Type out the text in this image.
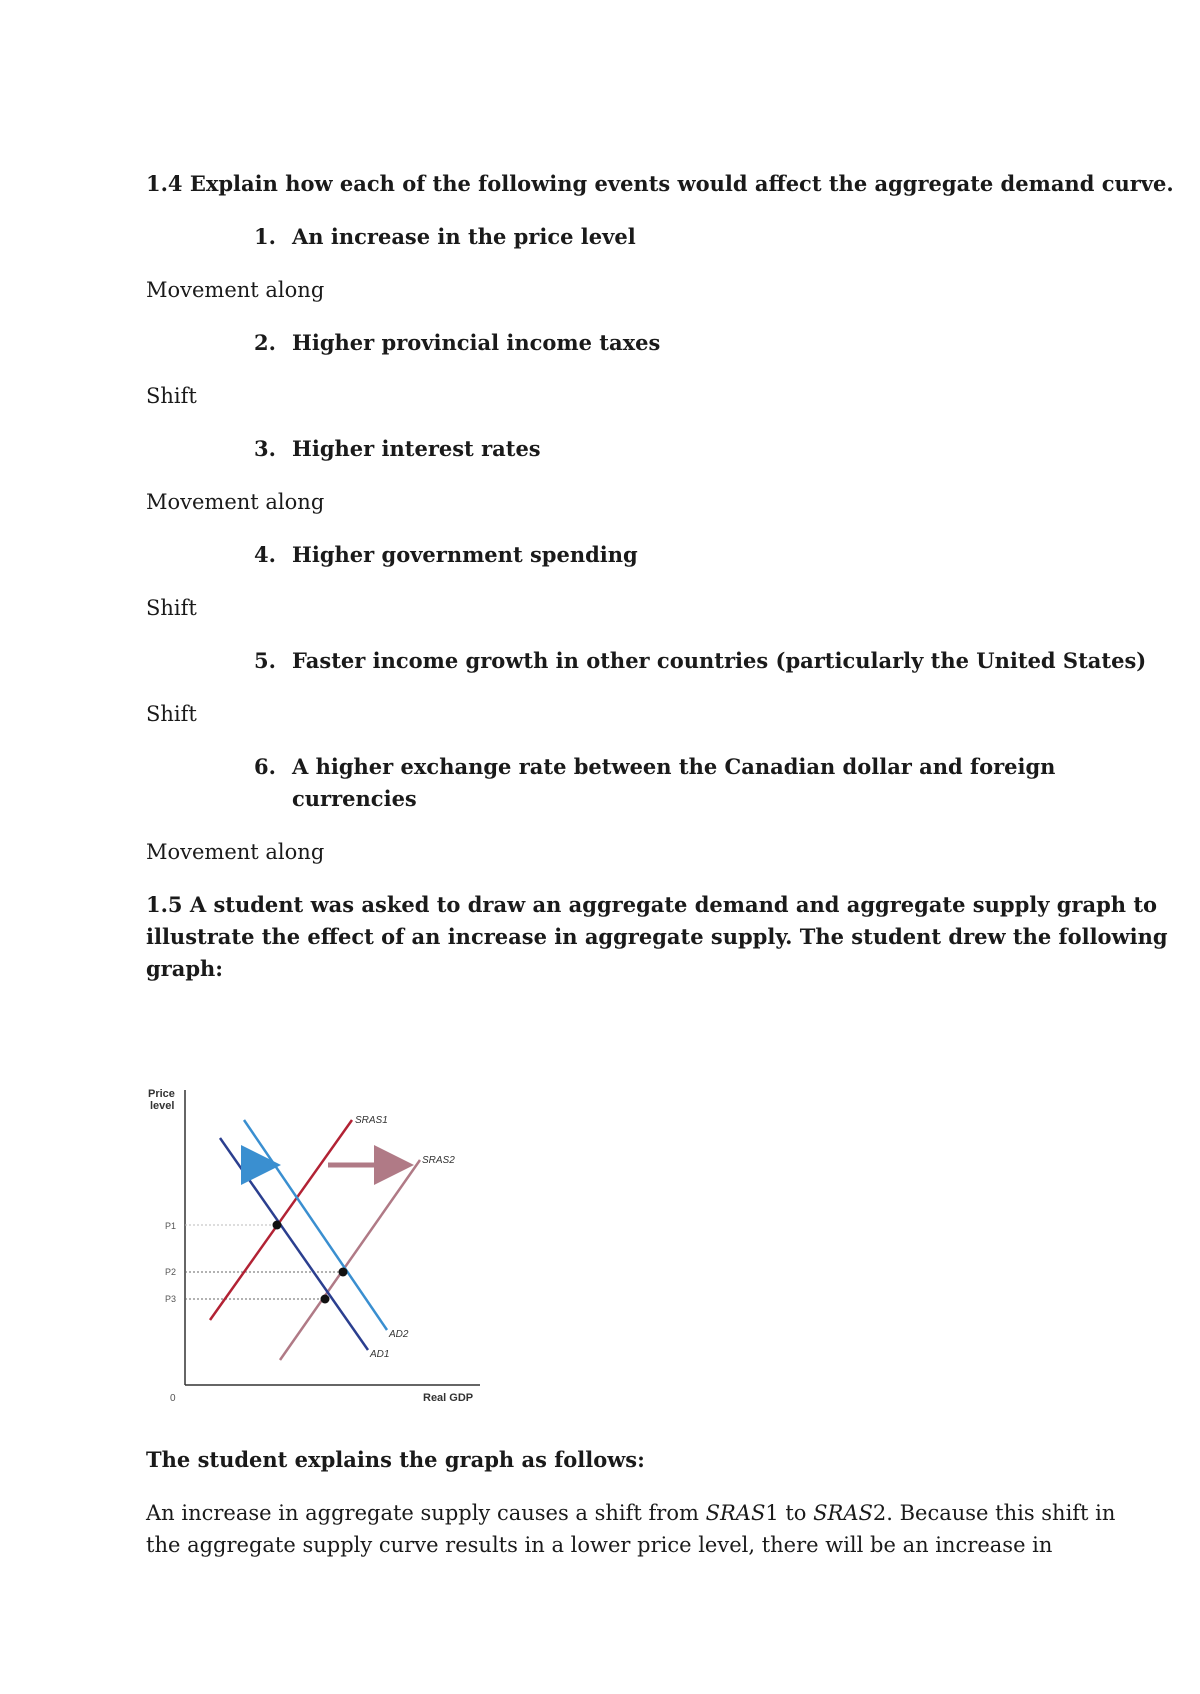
1.4 Explain how each of the following events would affect the aggregate demand curve.
1. An increase in the price level
Movement along
2. Higher provincial income taxes
Shift
3. Higher interest rates
Movement along
4. Higher government spending
Shift
5. Faster income growth in other countries (particularly the United States)
Shift
6. A higher exchange rate between the Canadian dollar and foreign
currencies
Movement along
1.5 A student was asked to draw an aggregate demand and aggregate supply graph to
illustrate the effect of an increase in aggregate supply. The student drew the following
graph:
Price
level
Real GDP
0
P1
P2
P3
SRAS1
SRAS2
AD1
AD2
The student explains the graph as follows:
An increase in aggregate supply causes a shift from SRAS1 to SRAS2. Because this shift in
the aggregate supply curve results in a lower price level, there will be an increase in
